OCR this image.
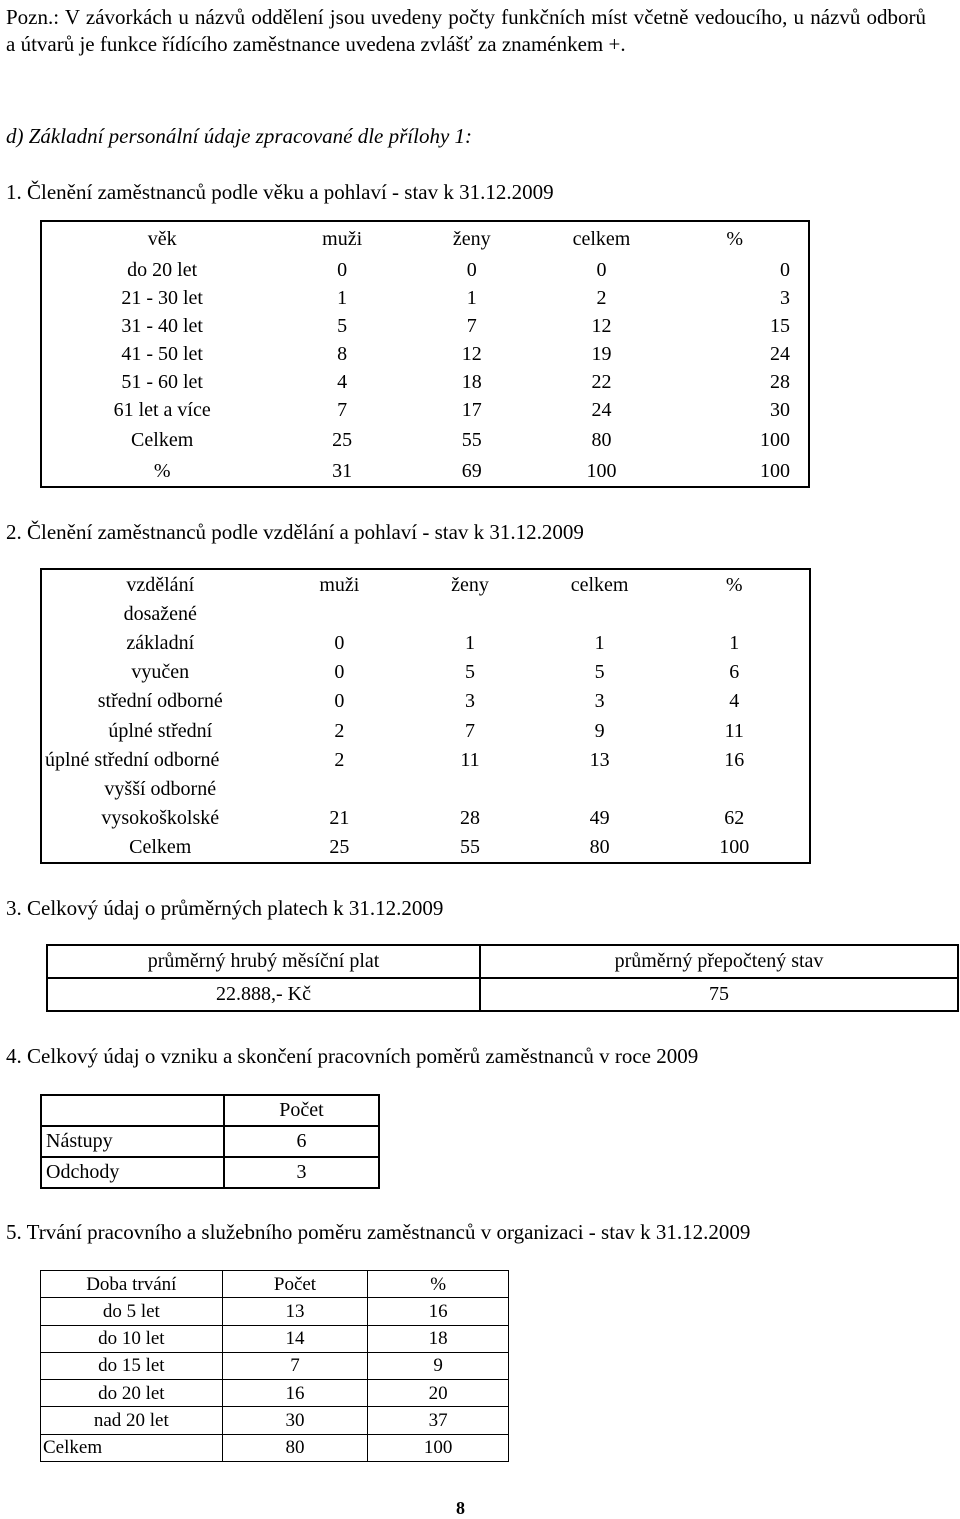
Pozn.: V závorkách u názvů oddělení jsou uvedeny počty funkčních míst včetně vedoucího, u názvů odborů a útvarů je funkce řídícího zaměstnance uvedena zvlášť za znaménkem +.
d) Základní personální údaje zpracované dle přílohy 1:
1. Členění zaměstnanců podle věku a pohlaví - stav k 31.12.2009
věk	muži	ženy	celkem	%
do 20 let	0	0	0	0
21 - 30 let	1	1	2	3
31 - 40 let	5	7	12	15
41 - 50 let	8	12	19	24
51 - 60 let	4	18	22	28
61 let a více	7	17	24	30
Celkem	25	55	80	100
%	31	69	100	100
2. Členění zaměstnanců podle vzdělání a pohlaví - stav k 31.12.2009
vzdělání	muži	ženy	celkem	%
dosažené				
základní	0	1	1	1
vyučen	0	5	5	6
střední odborné	0	3	3	4
úplné střední	2	7	9	11
úplné střední odborné	2	11	13	16
vyšší odborné				
vysokoškolské	21	28	49	62
Celkem	25	55	80	100
3. Celkový údaj o průměrných platech k 31.12.2009
průměrný hrubý měsíční plat	průměrný přepočtený stav
22.888,- Kč	75
4. Celkový údaj o vzniku a skončení pracovních poměrů zaměstnanců v roce 2009
	Počet
Nástupy	6
Odchody	3
5. Trvání pracovního a služebního poměru zaměstnanců v organizaci - stav k 31.12.2009
Doba trvání	Počet	%
do 5 let	13	16
do 10 let	14	18
do 15 let	7	9
do 20 let	16	20
nad 20 let	30	37
Celkem	80	100
8
